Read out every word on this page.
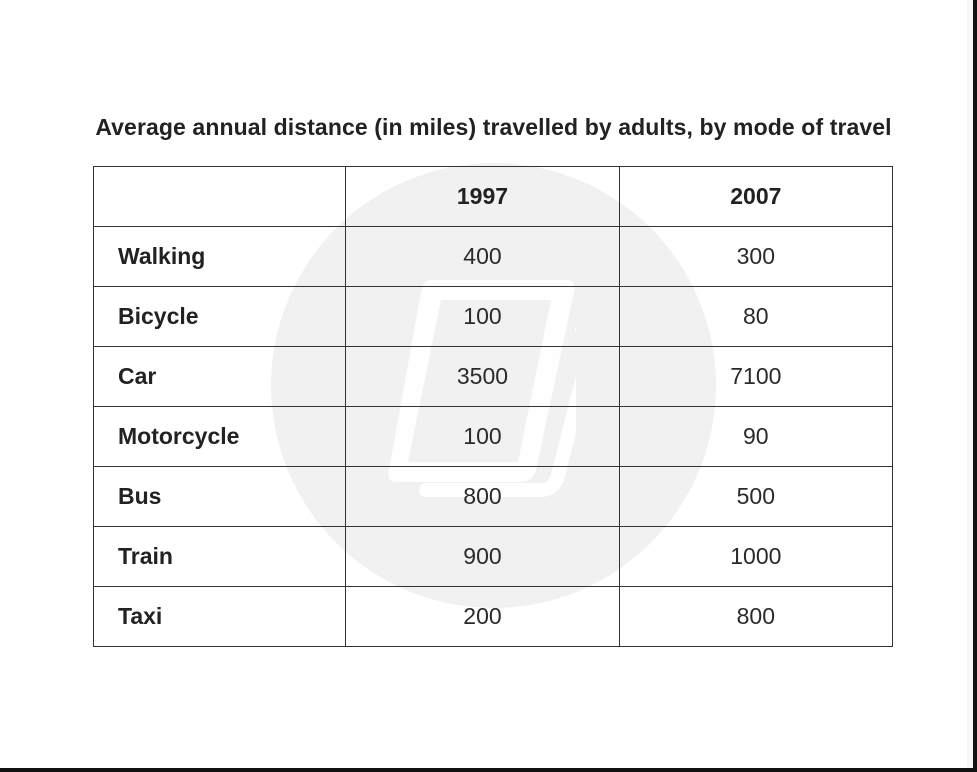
Average annual distance (in miles) travelled by adults, by mode of travel
	1997	2007
Walking	400	300
Bicycle	100	80
Car	3500	7100
Motorcycle	100	90
Bus	800	500
Train	900	1000
Taxi	200	800
